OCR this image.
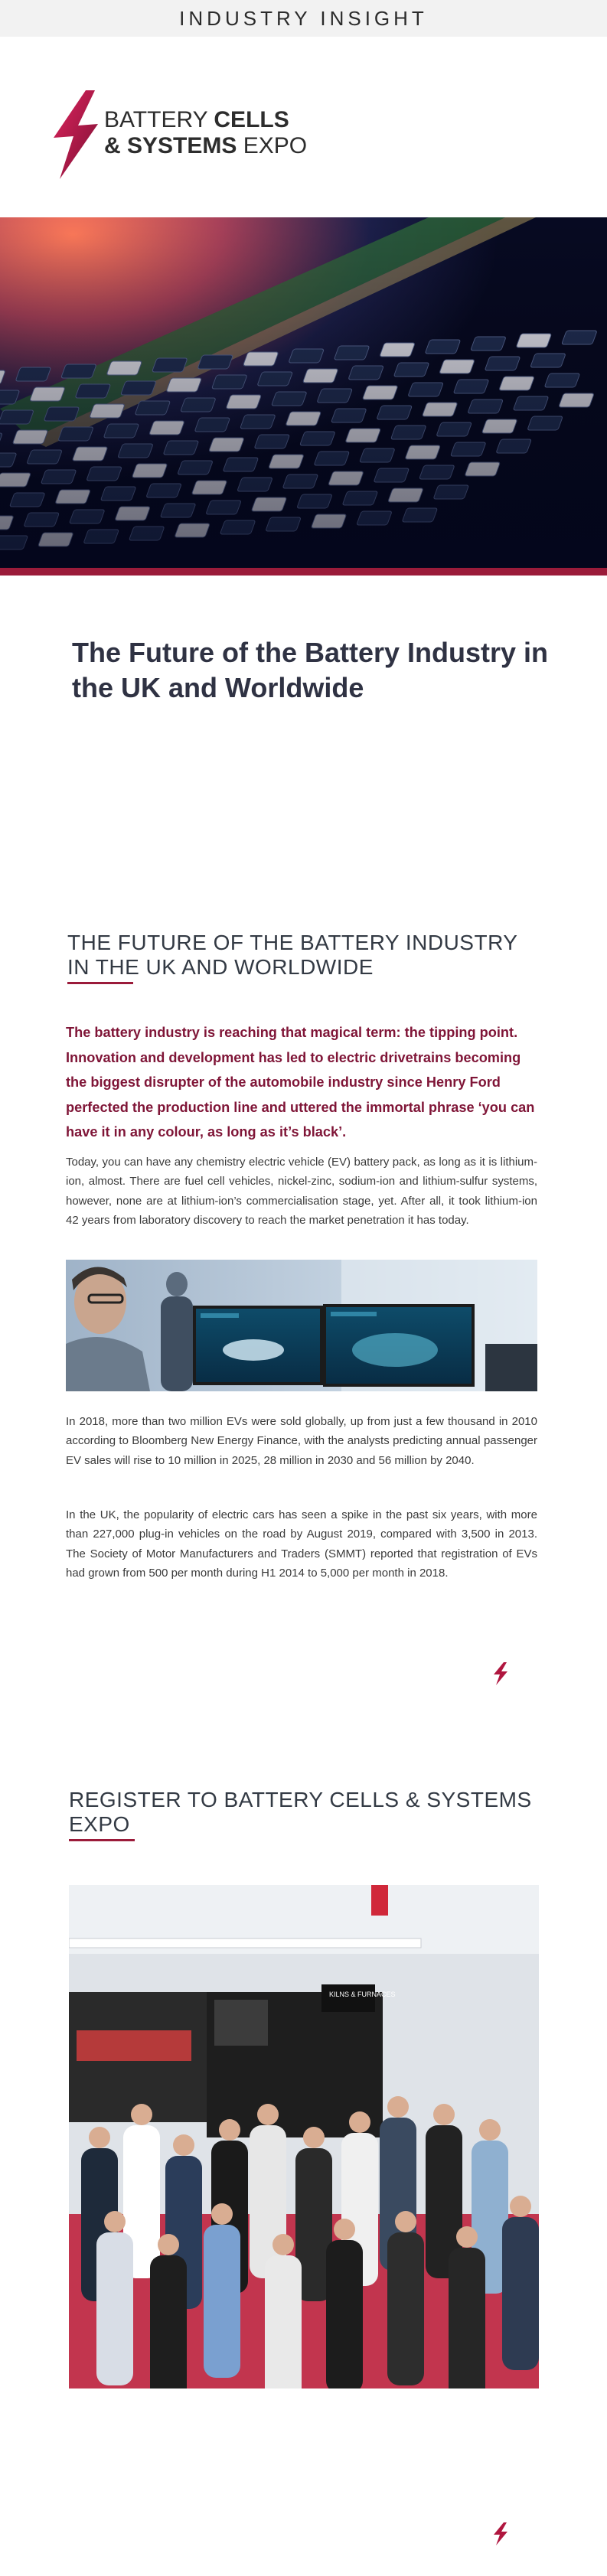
INDUSTRY INSIGHT
BATTERY CELLS
& SYSTEMS EXPO
The Future of the Battery Industry in the UK and Worldwide
THE FUTURE OF THE BATTERY INDUSTRY IN THE UK AND WORLDWIDE

The battery industry is reaching that magical term: the tipping point. Innovation and development has led to electric drivetrains becoming the biggest disrupter of the automobile industry since Henry Ford perfected the production line and uttered the immortal phrase ‘you can have it in any colour, as long as it’s black’.

Today, you can have any chemistry electric vehicle (EV) battery pack, as long as it is lithium-ion, almost. There are fuel cell vehicles, nickel-zinc, sodium-ion and lithium-sulfur systems, however, none are at lithium-ion’s commercialisation stage, yet. After all, it took lithium-ion 42 years from laboratory discovery to reach the market penetration it has today.

In 2018, more than two million EVs were sold globally, up from just a few thousand in 2010 according to Bloomberg New Energy Finance, with the analysts predicting annual passenger EV sales will rise to 10 million in 2025, 28 million in 2030 and 56 million by 2040.

In the UK, the popularity of electric cars has seen a spike in the past six years, with more than 227,000 plug-in vehicles on the road by August 2019, compared with 3,500 in 2013. The Society of Motor Manufacturers and Traders (SMMT) reported that registration of EVs had grown from 500 per month during H1 2014 to 5,000 per month in 2018.

REGISTER TO BATTERY CELLS & SYSTEMS EXPO
KILNS & FURNACES
